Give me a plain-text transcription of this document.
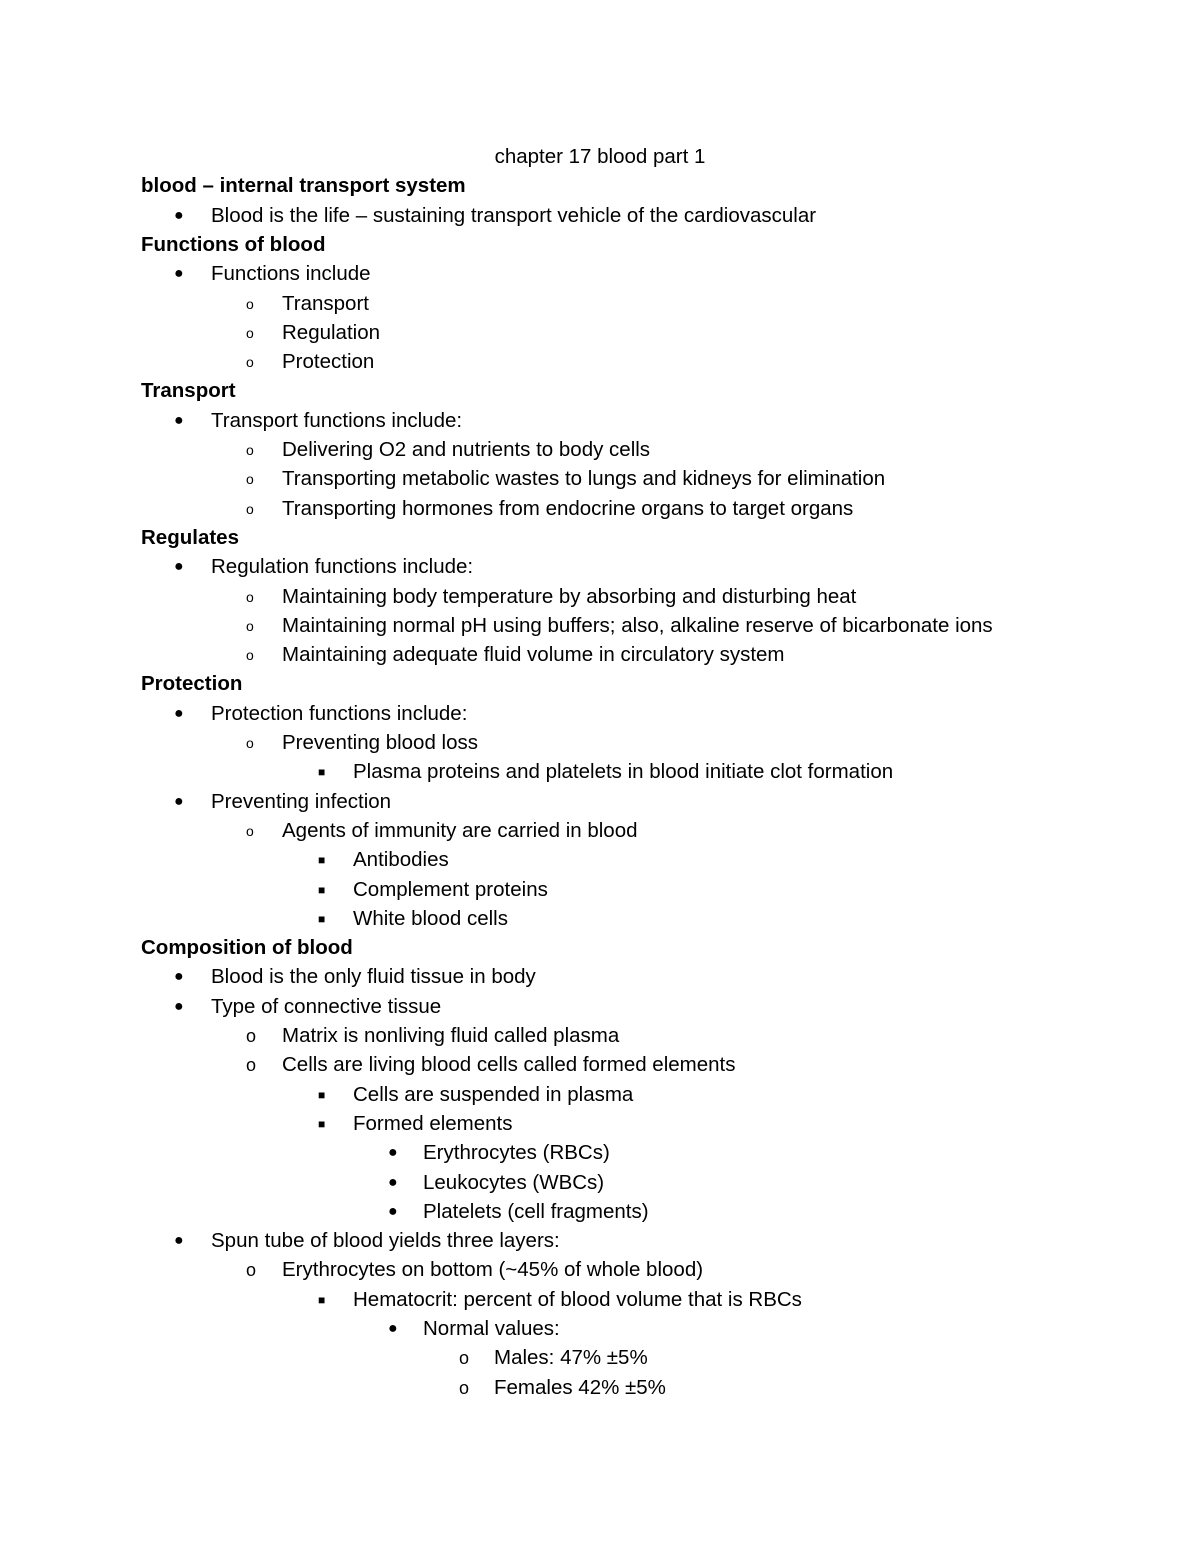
chapter 17 blood part 1
blood – internal transport system
● Blood is the life – sustaining transport vehicle of the cardiovascular
Functions of blood
● Functions include
o Transport
o Regulation
o Protection
Transport
● Transport functions include:
o Delivering O2 and nutrients to body cells
o Transporting metabolic wastes to lungs and kidneys for elimination
o Transporting hormones from endocrine organs to target organs
Regulates
● Regulation functions include:
o Maintaining body temperature by absorbing and disturbing heat
o Maintaining normal pH using buffers; also, alkaline reserve of bicarbonate ions
o Maintaining adequate fluid volume in circulatory system
Protection
● Protection functions include:
o Preventing blood loss
■ Plasma proteins and platelets in blood initiate clot formation
● Preventing infection
o Agents of immunity are carried in blood
■ Antibodies
■ Complement proteins
■ White blood cells
Composition of blood
● Blood is the only fluid tissue in body
● Type of connective tissue
o Matrix is nonliving fluid called plasma
o Cells are living blood cells called formed elements
■ Cells are suspended in plasma
■ Formed elements
● Erythrocytes (RBCs)
● Leukocytes (WBCs)
● Platelets (cell fragments)
● Spun tube of blood yields three layers:
o Erythrocytes on bottom (~45% of whole blood)
■ Hematocrit: percent of blood volume that is RBCs
● Normal values:
o Males: 47% ±5%
o Females 42% ±5%
